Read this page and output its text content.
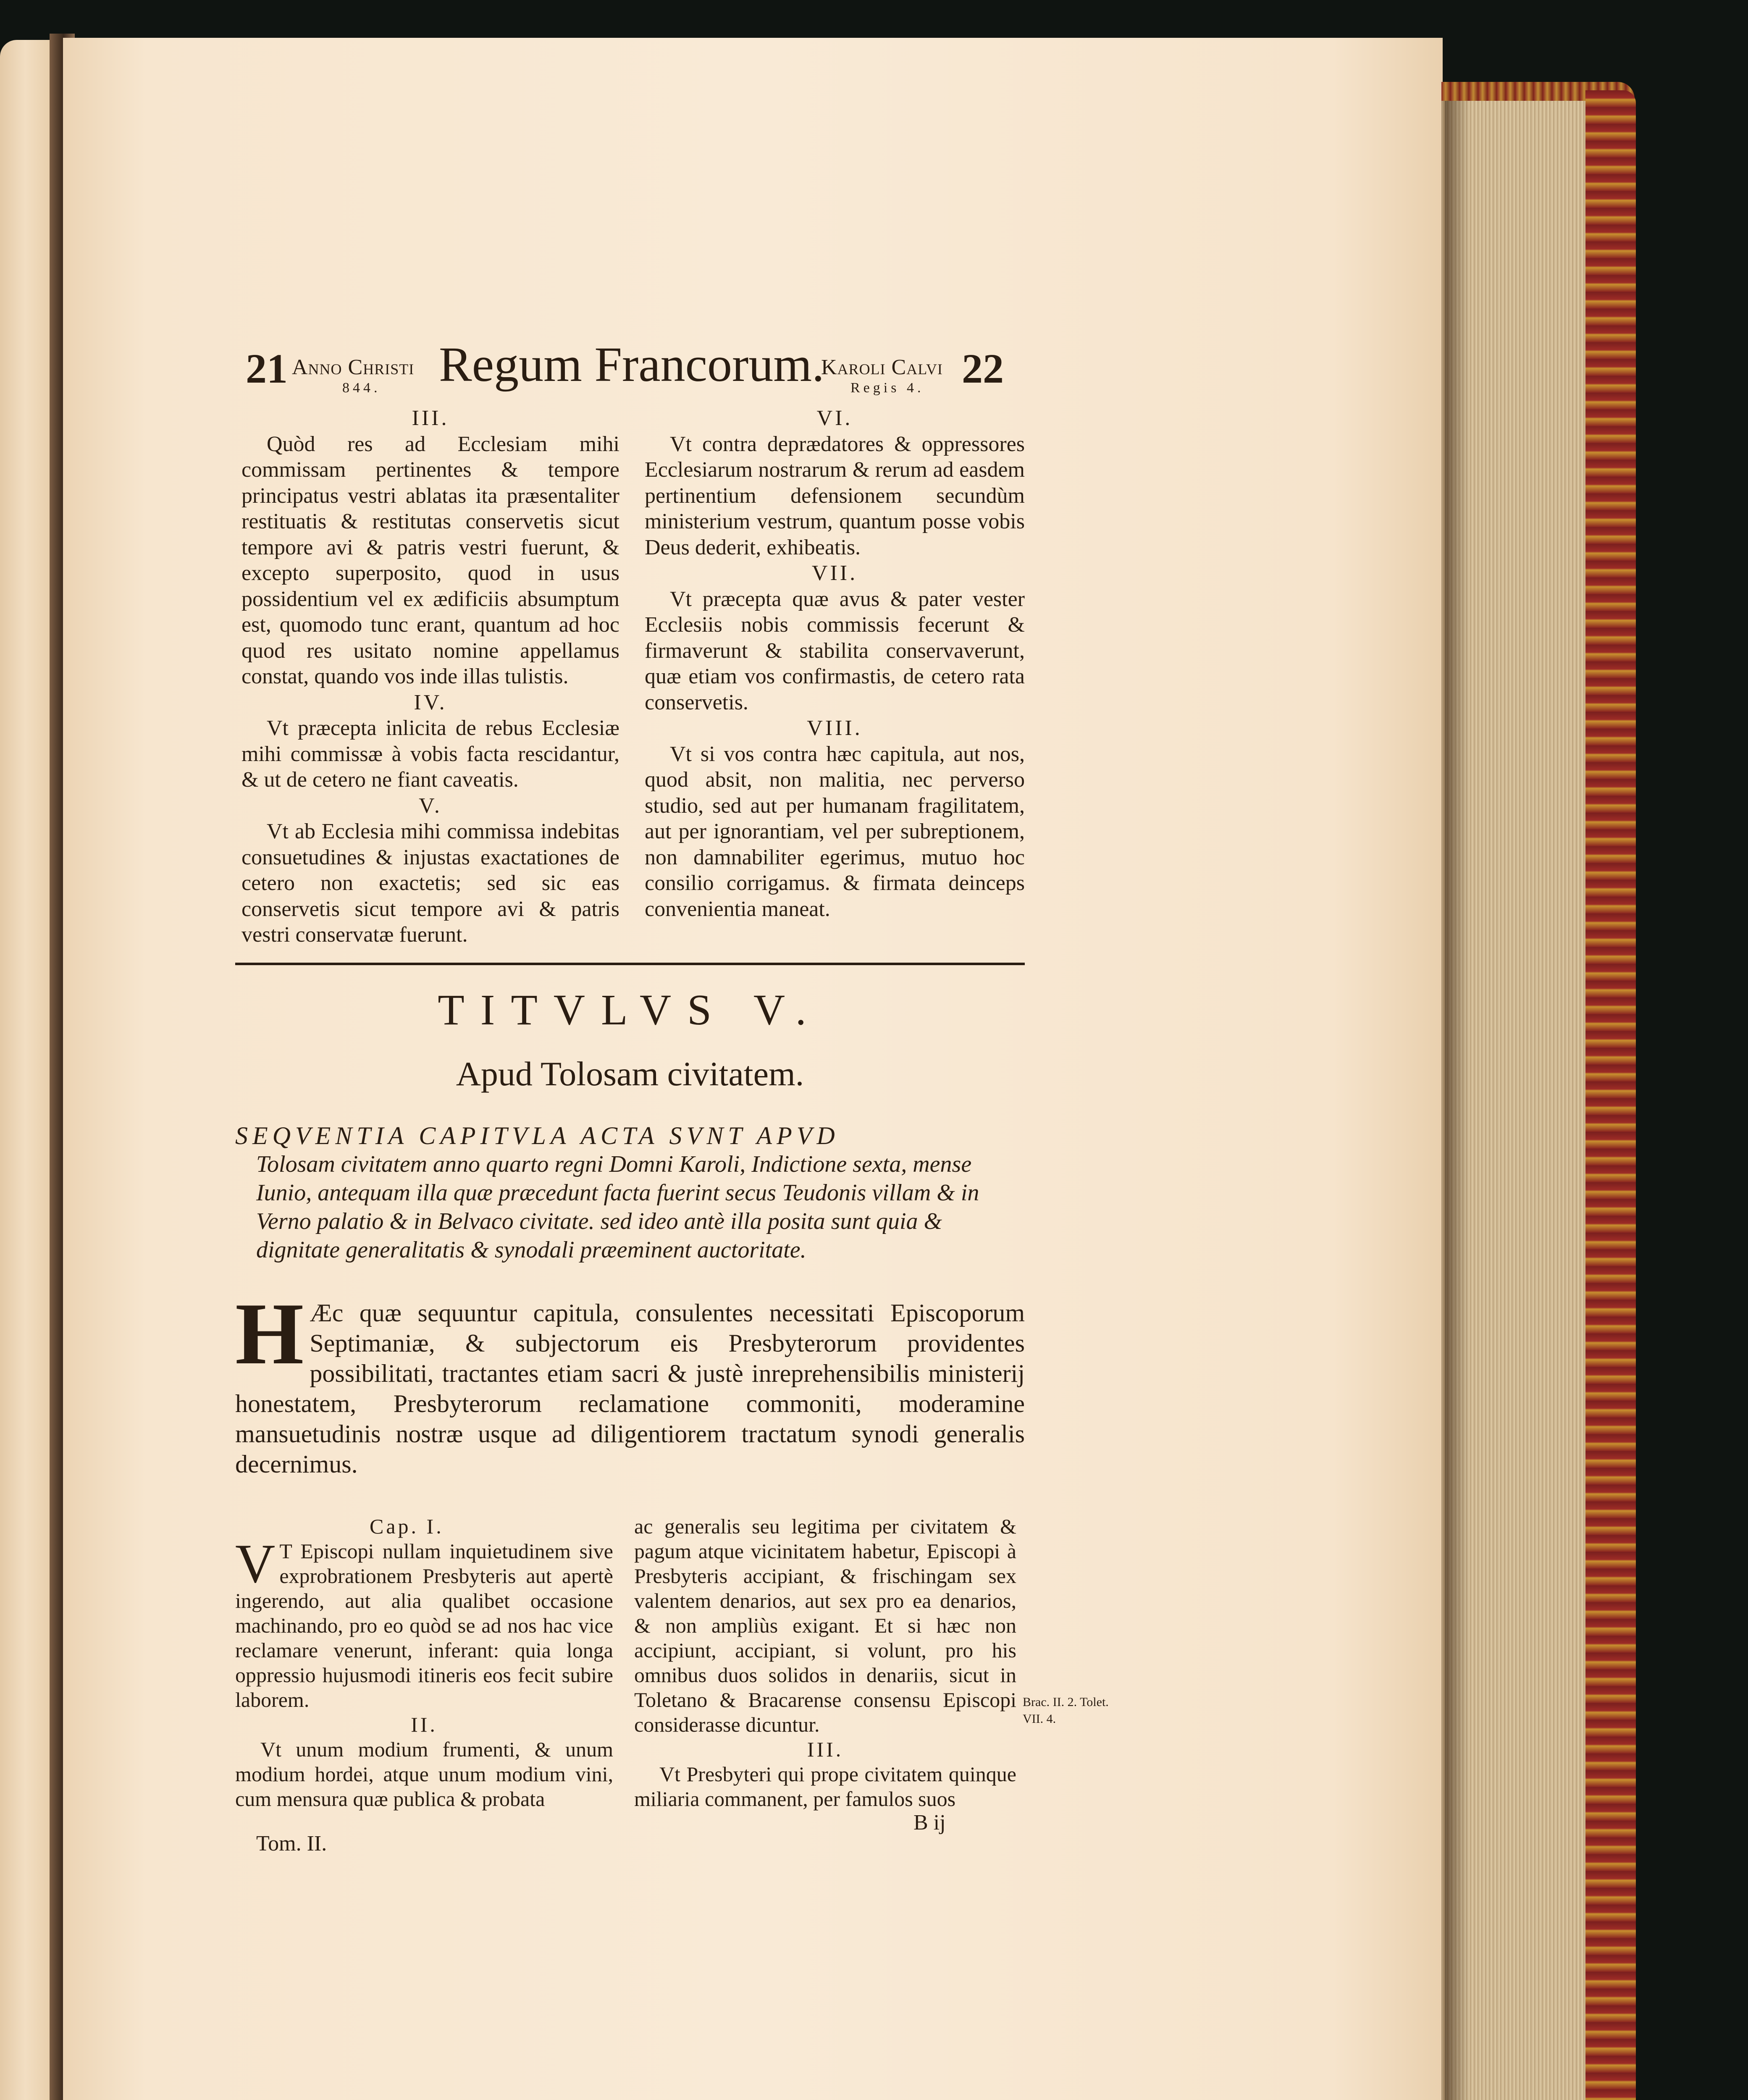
21 Anno Christi
844. Regum Francorum.
Karoli Calvi
Regis 4. 22

III.

Quòd res ad Ecclesiam mihi commissam pertinentes & tempore principatus vestri ablatas ita præsentaliter restituatis & restitutas conservetis sicut tempore avi & patris vestri fuerunt, & excepto superposito, quod in usus possidentium vel ex ædificiis absumptum est, quomodo tunc erant, quantum ad hoc quod res usitato nomine appellamus constat, quando vos inde illas tulistis.

IV.

Vt præcepta inlicita de rebus Ecclesiæ mihi commissæ à vobis facta rescidantur, & ut de cetero ne fiant caveatis.

V.

Vt ab Ecclesia mihi commissa indebitas consuetudines & injustas exactationes de cetero non exactetis; sed sic eas conservetis sicut tempore avi & patris vestri conservatæ fuerunt.

VI.

Vt contra deprædatores & oppressores Ecclesiarum nostrarum & rerum ad easdem pertinentium defensionem secundùm ministerium vestrum, quantum posse vobis Deus dederit, exhibeatis.

VII.

Vt præcepta quæ avus & pater vester Ecclesiis nobis commissis fecerunt & firmaverunt & stabilita conservaverunt, quæ etiam vos confirmastis, de cetero rata conservetis.

VIII.

Vt si vos contra hæc capitula, aut nos, quod absit, non malitia, nec perverso studio, sed aut per humanam fragilitatem, aut per ignorantiam, vel per subreptionem, non damnabiliter egerimus, mutuo hoc consilio corrigamus. & firmata deinceps convenientia maneat.

TITVLVS V.
Apud Tolosam civitatem.
SEQVENTIA CAPITVLA ACTA SVNT APVD
Tolosam civitatem anno quarto regni Domni Karoli, Indictione sexta, mense Iunio, antequam illa quæ præcedunt facta fuerint secus Teudonis villam & in Verno palatio & in Belvaco civitate. sed ideo antè illa posita sunt quia & dignitate generalitatis & synodali præeminent auctoritate.
H Æc quæ sequuntur capitula, consulentes necessitati Episcoporum Septimaniæ, & subjectorum eis Presbyterorum providentes possibilitati, tractantes etiam sacri & justè inreprehensibilis ministerij honestatem, Presbyterorum reclamatione commoniti, moderamine mansuetudinis nostræ usque ad diligentiorem tractatum synodi generalis decernimus.

Cap. I.

V T Episcopi nullam inquietudinem sive exprobrationem Presbyteris aut apertè ingerendo, aut alia qualibet occasione machinando, pro eo quòd se ad nos hac vice reclamare venerunt, inferant: quia longa oppressio hujusmodi itineris eos fecit subire laborem.

II.

Vt unum modium frumenti, & unum modium hordei, atque unum modium vini, cum mensura quæ publica & probata

ac generalis seu legitima per civitatem & pagum atque vicinitatem habetur, Episcopi à Presbyteris accipiant, & frischingam sex valentem denarios, aut sex pro ea denarios, & non ampliùs exigant. Et si hæc non accipiunt, accipiant, si volunt, pro his omnibus duos solidos in denariis, sicut in Toletano & Bracarense consensu Episcopi considerasse dicuntur.

III.

Vt Presbyteri qui prope civitatem quinque miliaria commanent, per famulos suos

Brac. II. 2. Tolet. VII. 4.
Tom. II.
B ij
